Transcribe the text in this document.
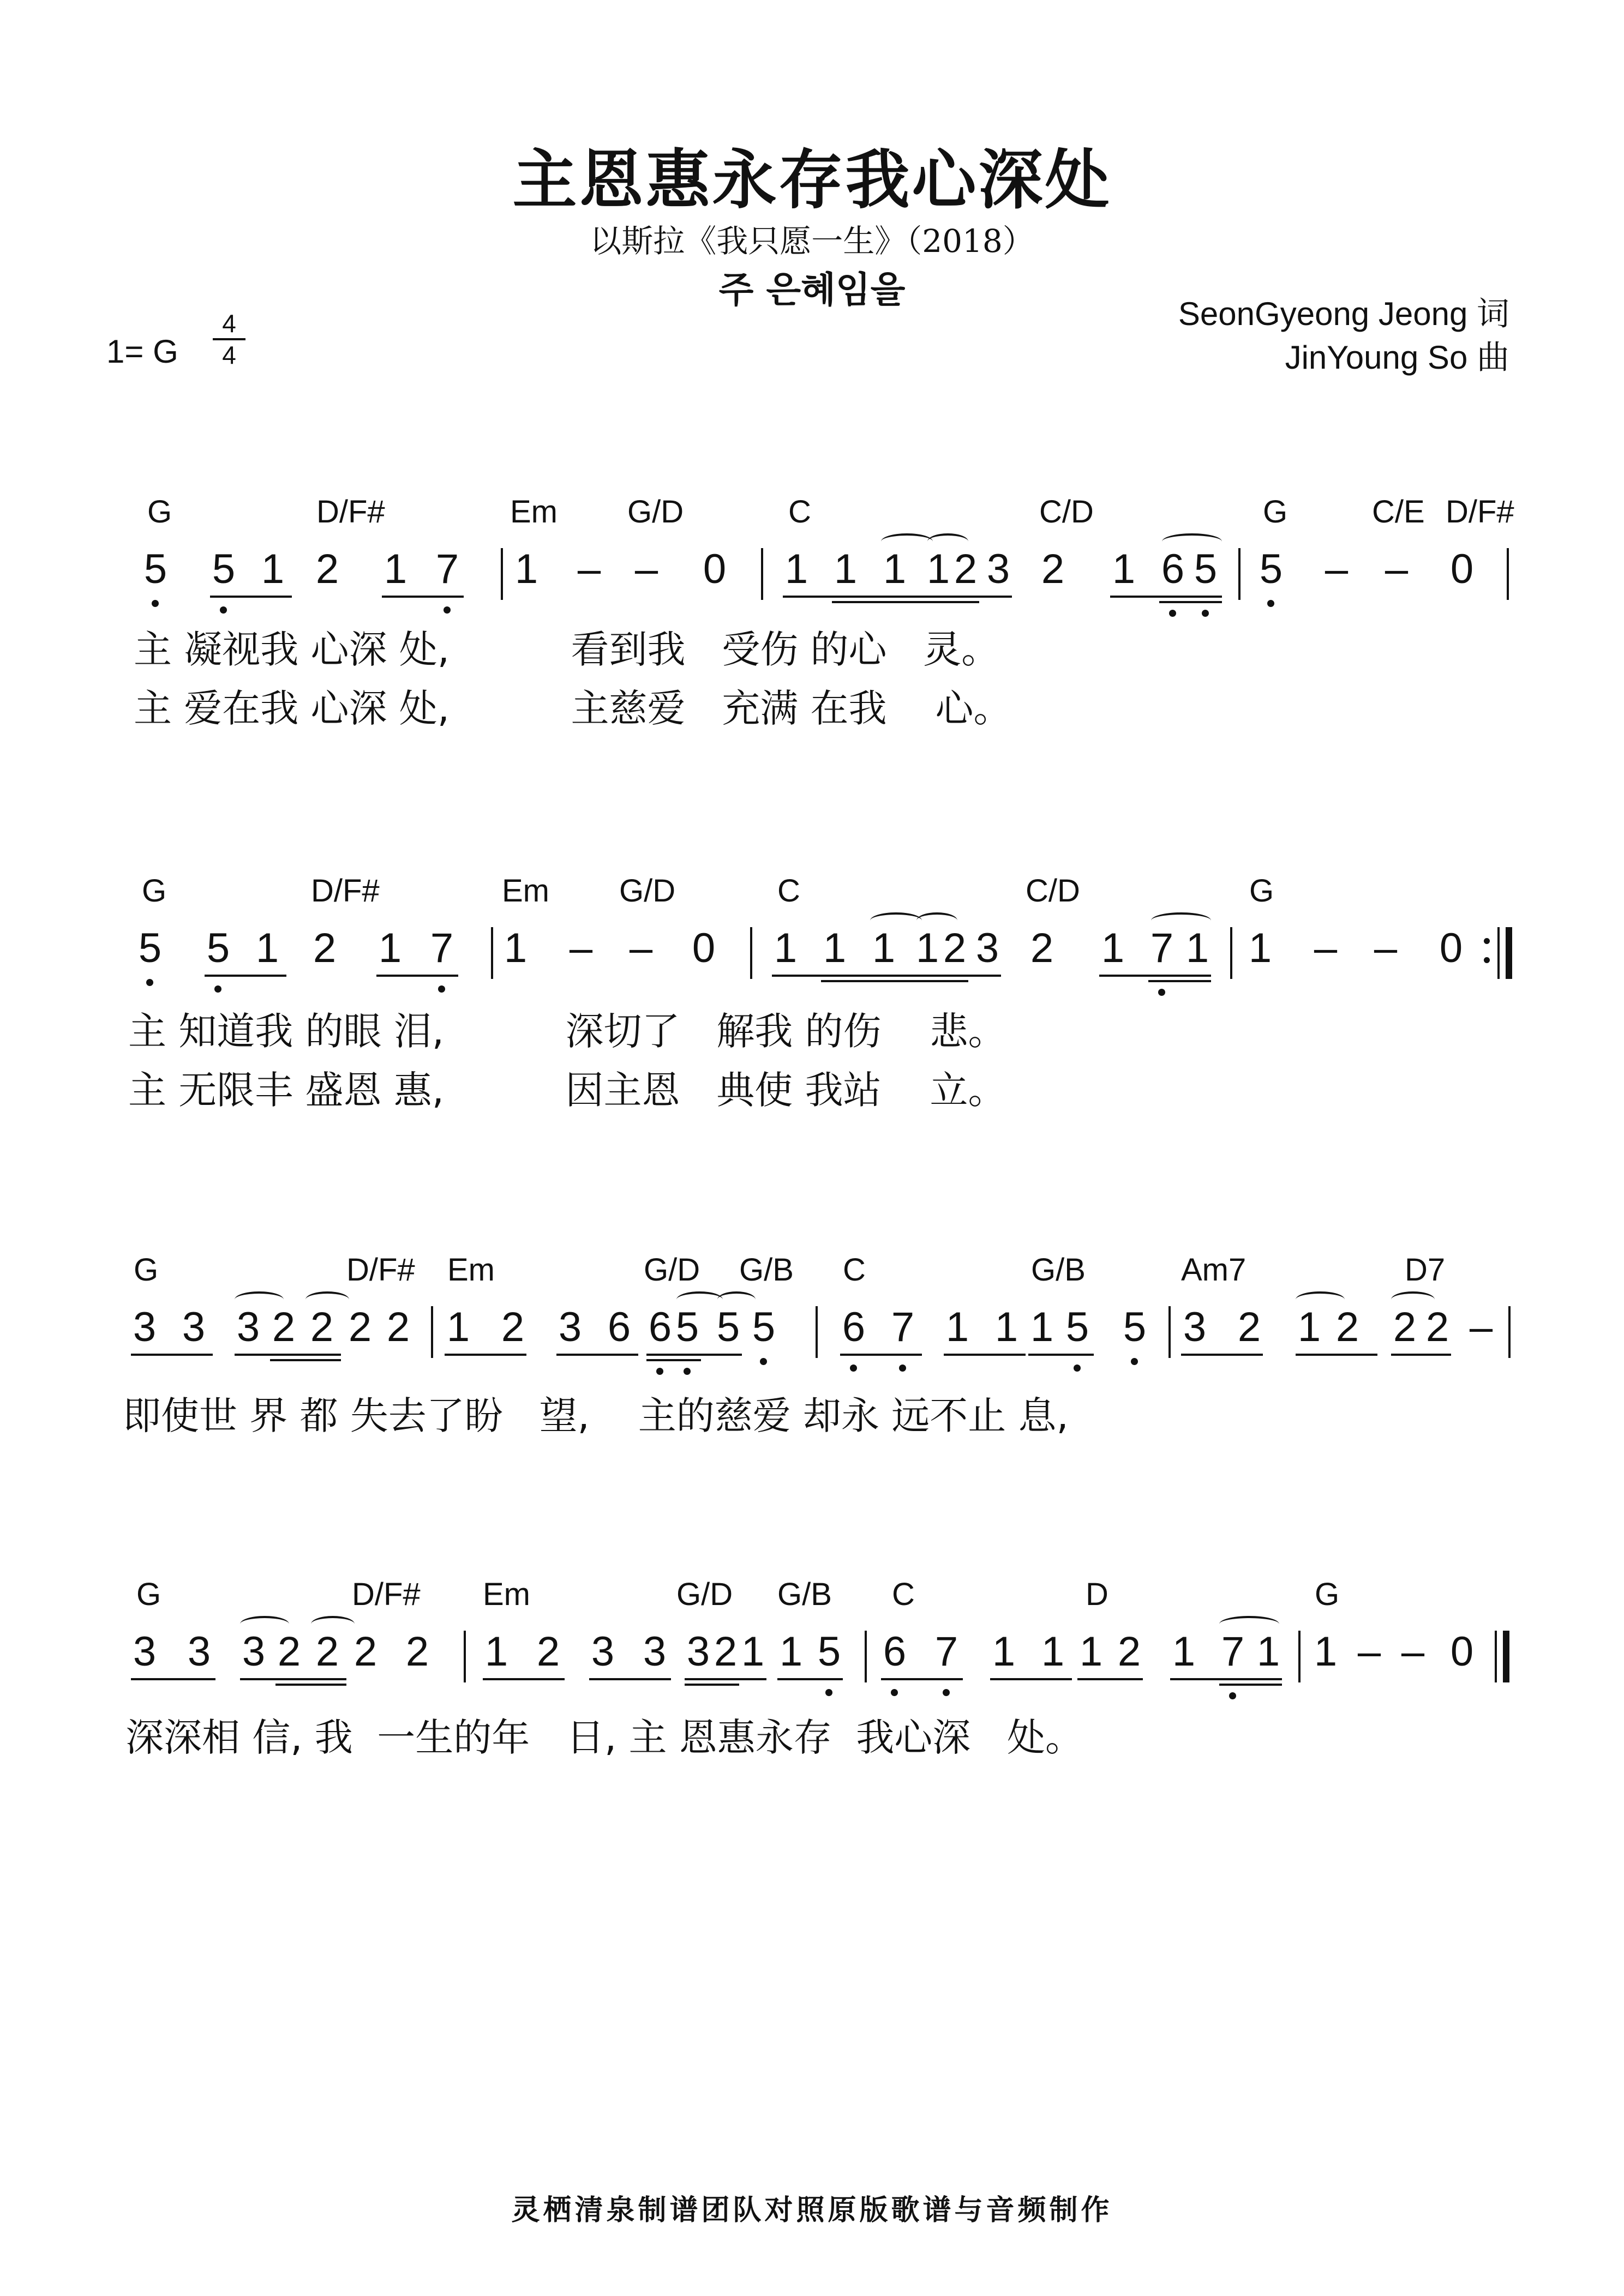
主恩惠永存我心深处
以斯拉《我只愿一生》（2018）
주 은혜임을
SeonGyeong Jeong 词
JinYoung So 曲
1= G
4
4
G	D/F#	Em G/D	C	C/D	G	C/E D/F#
5 5 1 2 1 7 1 – – 0 1 1 1 1 2 3 2 1 6 5 5 – – 0
主 凝视我 心深 处,          看到我   受伤 的心   灵。
主 爱在我 心深 处,          主慈爱   充满 在我    心。
G	D/F#	Em G/D	C	C/D	G
5 5 1 2 1 7 1 – – 0 1 1 1 1 2 3 2 1 7 1 1 – – 0
主 知道我 的眼 泪,          深切了   解我 的伤    悲。
主 无限丰 盛恩 惠,          因主恩   典使 我站    立。
G	D/F# Em	G/D G/B C	G/B	Am7	D7
3 3 3 2 2 2 2 1 2 3 6 6 5 5 5 6 7 1 1 1 5 5 3 2 1 2 2 2 –
即使世 界 都 失去了盼   望,    主的慈爱 却永 远不止 息,
G	D/F# Em	G/D G/B C	D	G
3 3 3 2 2 2 2 1 2 3 3 3 2 1 1 5 6 7 1 1 1 2 1 7 1 1 – – 0
深深相 信, 我  一生的年   日, 主 恩惠永存  我心深   处。
灵栖清泉制谱团队对照原版歌谱与音频制作
